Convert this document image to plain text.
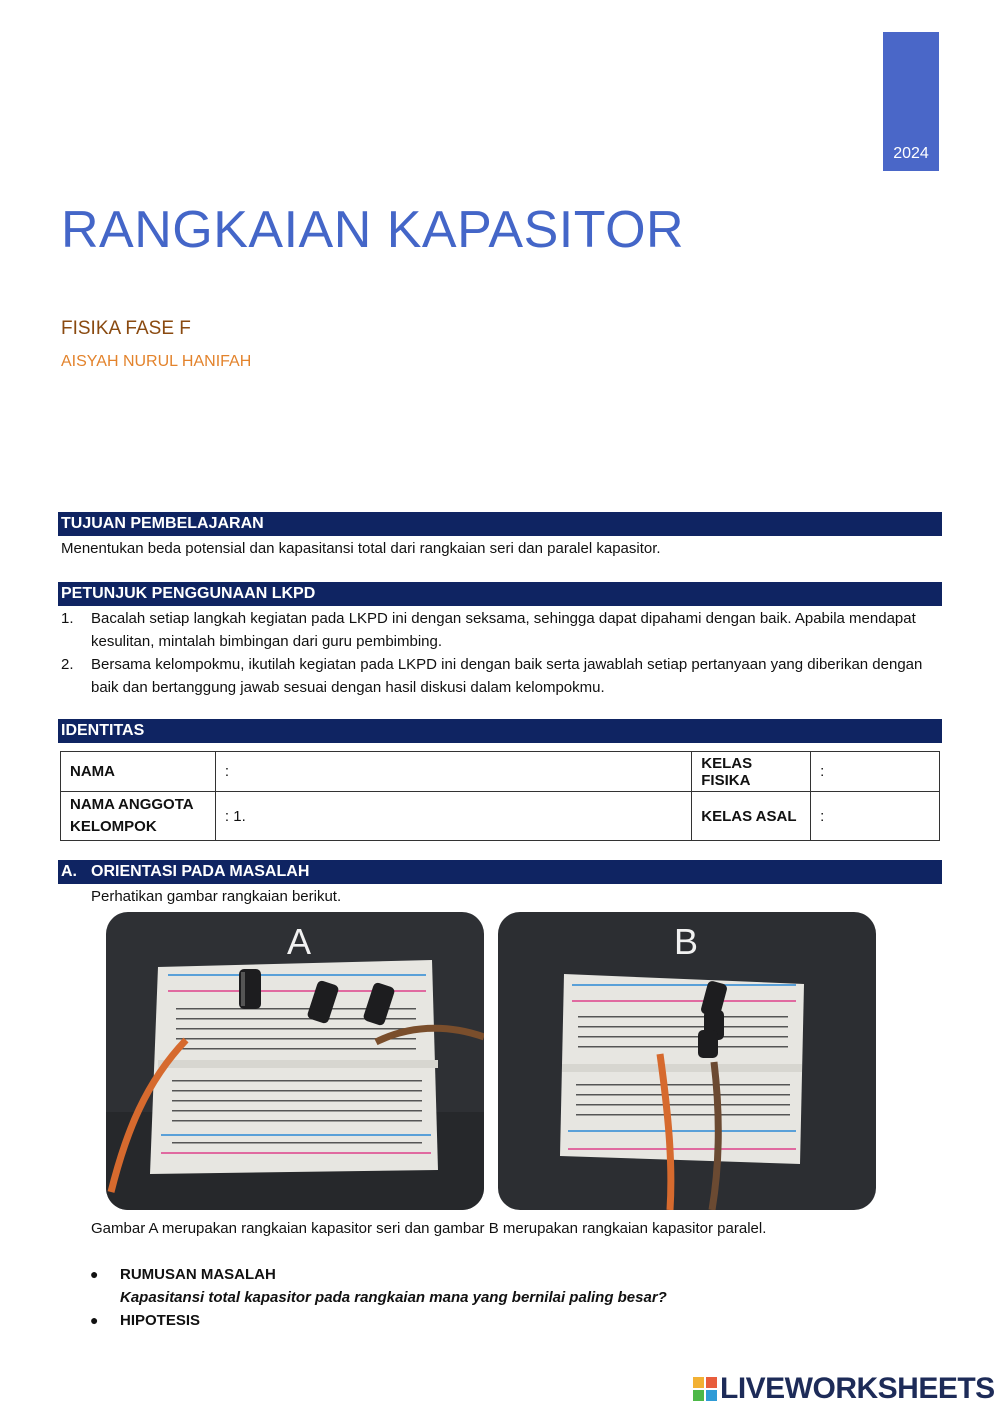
2024
RANGKAIAN KAPASITOR
FISIKA FASE F
AISYAH NURUL HANIFAH
TUJUAN PEMBELAJARAN
Menentukan beda potensial dan kapasitansi total dari rangkaian seri dan paralel kapasitor.
PETUNJUK PENGGUNAAN LKPD
1.	Bacalah setiap langkah kegiatan pada LKPD ini dengan seksama, sehingga dapat dipahami dengan baik. Apabila mendapat kesulitan, mintalah bimbingan dari guru pembimbing.
2.	Bersama kelompokmu, ikutilah kegiatan pada LKPD ini dengan baik serta jawablah setiap pertanyaan yang diberikan dengan baik dan bertanggung jawab sesuai dengan hasil diskusi dalam kelompokmu.
IDENTITAS
NAMA	:	KELAS FISIKA	:
NAMA ANGGOTA KELOMPOK	: 1.	KELAS ASAL	:
A. ORIENTASI PADA MASALAH
Perhatikan gambar rangkaian berikut.
A	B
Gambar A merupakan rangkaian kapasitor seri dan gambar B merupakan rangkaian kapasitor paralel.
●	RUMUSAN MASALAH
Kapasitansi total kapasitor pada rangkaian mana yang bernilai paling besar?
●	HIPOTESIS
LIVEWORKSHEETS
